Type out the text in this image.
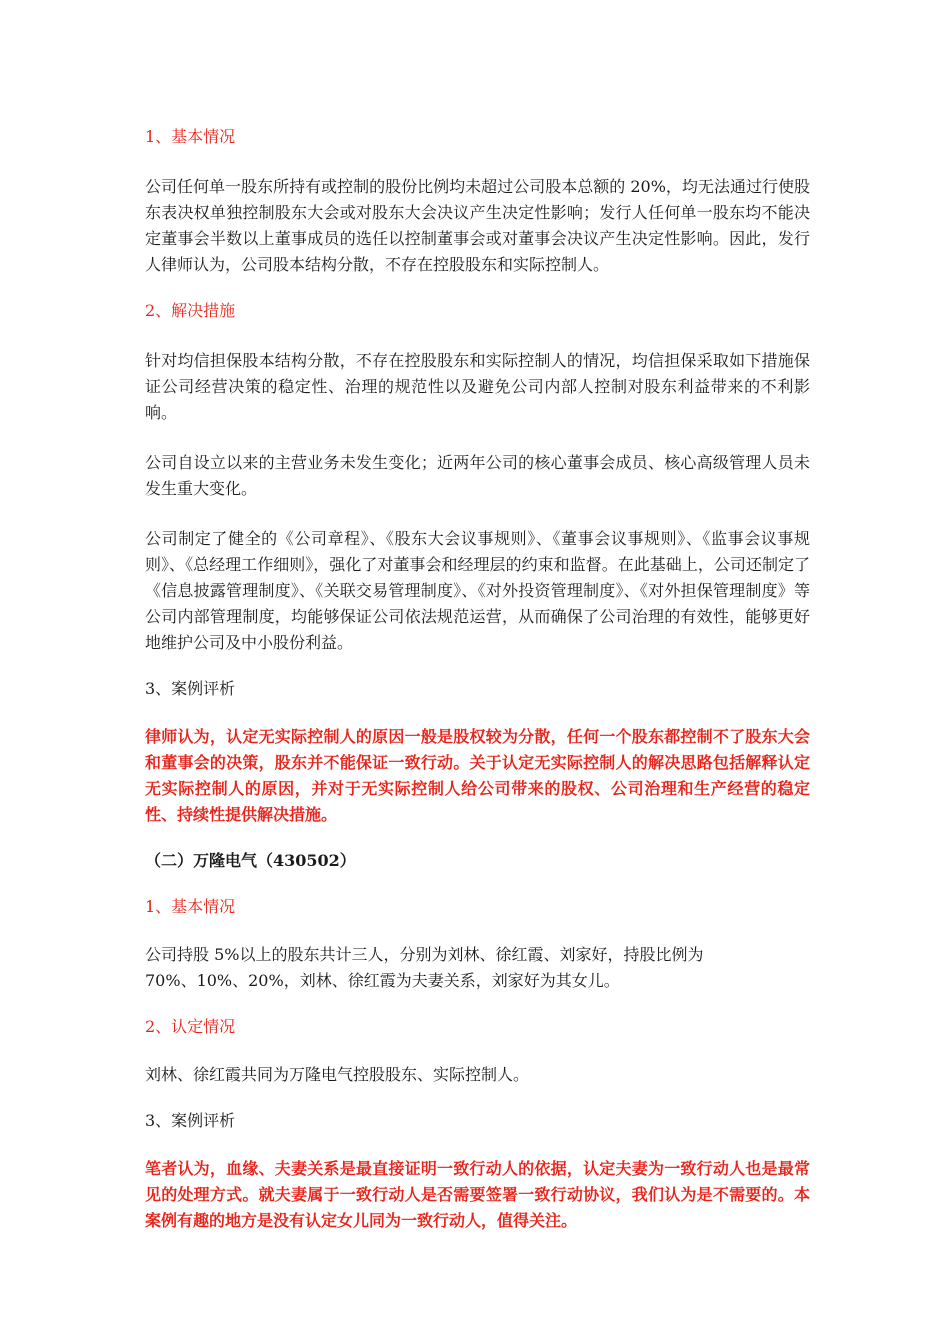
1、基本情况

公司任何单一股东所持有或控制的股份比例均未超过公司股本总额的 20%，均无法通过行使股东表决权单独控制股东大会或对股东大会决议产生决定性影响；发行人任何单一股东均不能决定董事会半数以上董事成员的选任以控制董事会或对董事会决议产生决定性影响。因此，发行人律师认为，公司股本结构分散，不存在控股股东和实际控制人。

2、解决措施

针对均信担保股本结构分散，不存在控股股东和实际控制人的情况，均信担保采取如下措施保证公司经营决策的稳定性、治理的规范性以及避免公司内部人控制对股东利益带来的不利影响。

公司自设立以来的主营业务未发生变化；近两年公司的核心董事会成员、核心高级管理人员未发生重大变化。

公司制定了健全的《公司章程》、《股东大会议事规则》、《董事会议事规则》、《监事会议事规则》、《总经理工作细则》，强化了对董事会和经理层的约束和监督。在此基础上，公司还制定了《信息披露管理制度》、《关联交易管理制度》、《对外投资管理制度》、《对外担保管理制度》等公司内部管理制度，均能够保证公司依法规范运营，从而确保了公司治理的有效性，能够更好地维护公司及中小股份利益。

3、案例评析

律师认为，认定无实际控制人的原因一般是股权较为分散，任何一个股东都控制不了股东大会和董事会的决策，股东并不能保证一致行动。关于认定无实际控制人的解决思路包括解释认定无实际控制人的原因，并对于无实际控制人给公司带来的股权、公司治理和生产经营的稳定性、持续性提供解决措施。

（二）万隆电气（430502）

1、基本情况

公司持股 5%以上的股东共计三人，分别为刘林、徐红霞、刘家好，持股比例为

70%、10%、20%，刘林、徐红霞为夫妻关系，刘家好为其女儿。

2、认定情况

刘林、徐红霞共同为万隆电气控股股东、实际控制人。

3、案例评析

笔者认为，血缘、夫妻关系是最直接证明一致行动人的依据，认定夫妻为一致行动人也是最常见的处理方式。就夫妻属于一致行动人是否需要签署一致行动协议，我们认为是不需要的。本案例有趣的地方是没有认定女儿同为一致行动人，值得关注。
